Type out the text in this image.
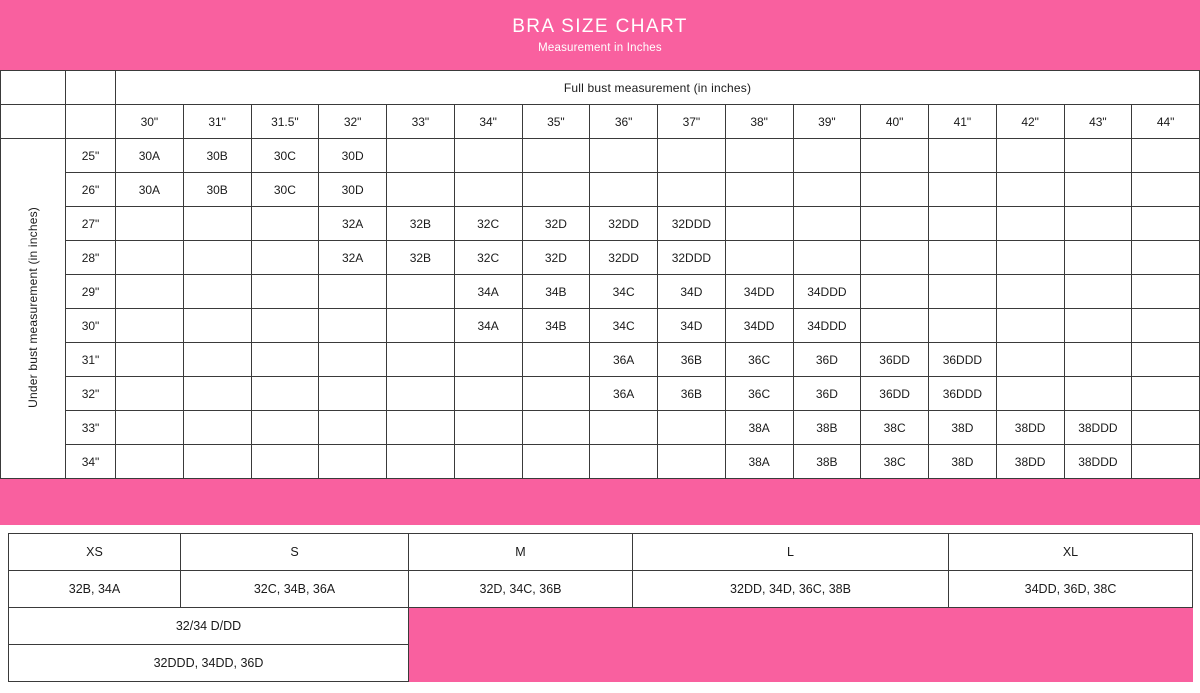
BRA SIZE CHART
Measurement in Inches
		Full bust measurement (in inches)															
		30"	31"	31.5"	32"	33"	34"	35"	36"	37"	38"	39"	40"	41"	42"	43"	44"
Under bust measurement (in inches)	25"	30A	30B	30C	30D												
	26"	30A	30B	30C	30D												
	27"				32A	32B	32C	32D	32DD	32DDD							
	28"				32A	32B	32C	32D	32DD	32DDD							
	29"						34A	34B	34C	34D	34DD	34DDD					
	30"						34A	34B	34C	34D	34DD	34DDD					
	31"								36A	36B	36C	36D	36DD	36DDD			
	32"								36A	36B	36C	36D	36DD	36DDD			
	33"										38A	38B	38C	38D	38DD	38DDD	
	34"										38A	38B	38C	38D	38DD	38DDD	
XS	S	M	L	XL
32B, 34A	32C, 34B, 36A	32D, 34C, 36B	32DD, 34D, 36C, 38B	34DD, 36D, 38C
32/34 D/DD				
32DDD, 34DD, 36D				
